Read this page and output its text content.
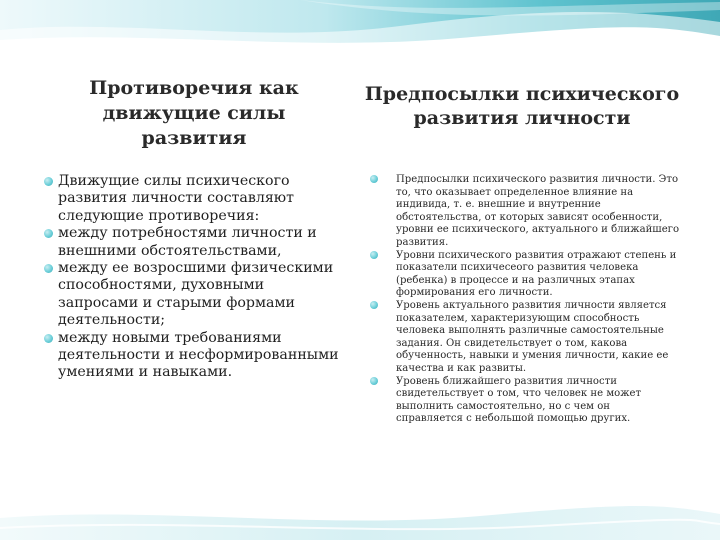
Противоречия как движущие силы развития
Движущие силы психического развития личности составляют следующие противоречия:
между потребностями личности и внешними обстоятельствами,
между ее возросшими физическими способностями, духовными запросами и старыми формами деятельности;
между новыми требованиями деятельности и несформированными умениями и навыками.
Предпосылки психического развития личности
Предпосылки психического развития личности. Это то, что оказывает определенное влияние на индивида, т. е. внешние и внутренние обстоятельства, от которых зависят особенности, уровни ее психического, актуального и ближайшего развития.
Уровни психического развития отражают степень и показатели психичесеого развития человека (ребенка) в процессе и на различных этапах формирования его личности.
Уровень актуального развития личности является показателем, характеризующим способность человека выполнять различные самостоятельные задания. Он свидетельствует о том, какова обученность, навыки и умения личности, какие ее качества и как развиты.
Уровень ближайшего развития личности свидетельствует о том, что человек не может выполнить самостоятельно, но с чем он справляется с небольшой помощью других.
